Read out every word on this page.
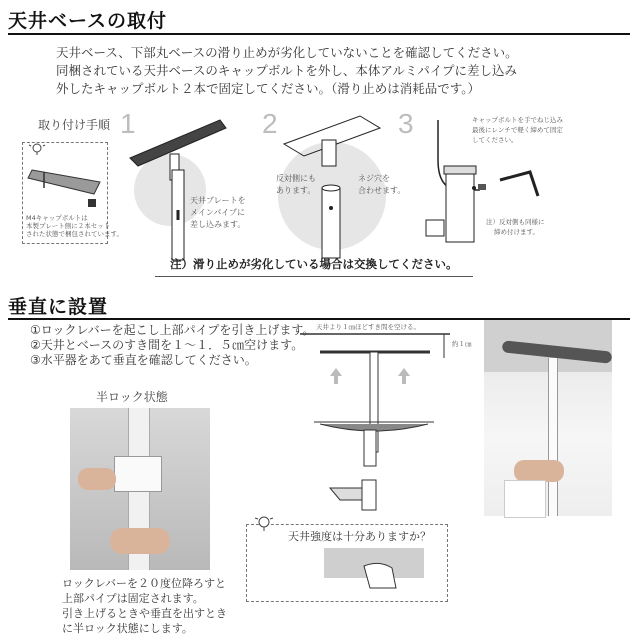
天井ベースの取付
天井ベース、下部丸ベースの滑り止めが劣化していないことを確認してください。
同梱されている天井ベースのキャップボルトを外し、本体アルミパイプに差し込み
外したキャップボルト２本で固定してください。（滑り止めは消耗品です。）
取り付け手順
M4キャップボルトは
本製プレート側に２本セット
された状態で梱包されています。
1
天井プレートを
メインパイプに
差し込みます。
2
反対側にも
あります。
ネジ穴を
合わせます。
3	キャップボルトを手でねじ込み
最後にレンチで軽く締めて固定
してください。
注）反対側も同様に
締め付けます。
注）滑り止めが劣化している場合は交換してください。
垂直に設置
①ロックレバーを起こし上部パイプを引き上げます。
②天井とベースのすき間を１～１．５㎝空けます。
③水平器をあて垂直を確認してください。
天井より１㎝ほどすき間を空ける。
約１㎝
半ロック状態
ロックレバーを２０度位降ろすと
上部パイプは固定されます。
引き上げるときや垂直を出すとき
に半ロック状態にします。
天井強度は十分ありますか？
